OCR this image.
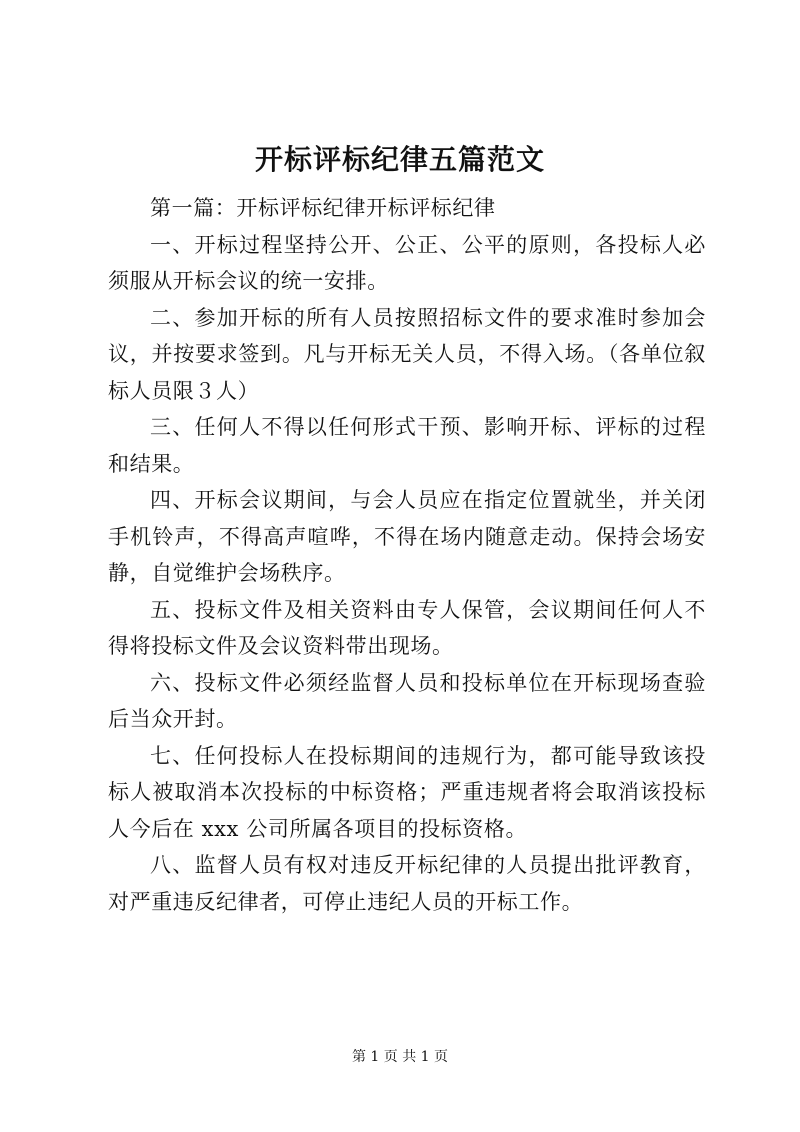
开标评标纪律五篇范文

第一篇：开标评标纪律开标评标纪律

一、开标过程坚持公开、公正、公平的原则，各投标人必须服从开标会议的统一安排。

二、参加开标的所有人员按照招标文件的要求准时参加会议，并按要求签到。凡与开标无关人员，不得入场。（各单位叙标人员限３人）

三、任何人不得以任何形式干预、影响开标、评标的过程和结果。

四、开标会议期间，与会人员应在指定位置就坐，并关闭手机铃声，不得高声喧哗，不得在场内随意走动。保持会场安静，自觉维护会场秩序。

五、投标文件及相关资料由专人保管，会议期间任何人不得将投标文件及会议资料带出现场。

六、投标文件必须经监督人员和投标单位在开标现场查验后当众开封。

七、任何投标人在投标期间的违规行为，都可能导致该投标人被取消本次投标的中标资格；严重违规者将会取消该投标人今后在 xxx 公司所属各项目的投标资格。

八、监督人员有权对违反开标纪律的人员提出批评教育，对严重违反纪律者，可停止违纪人员的开标工作。

第 1 页 共 1 页
